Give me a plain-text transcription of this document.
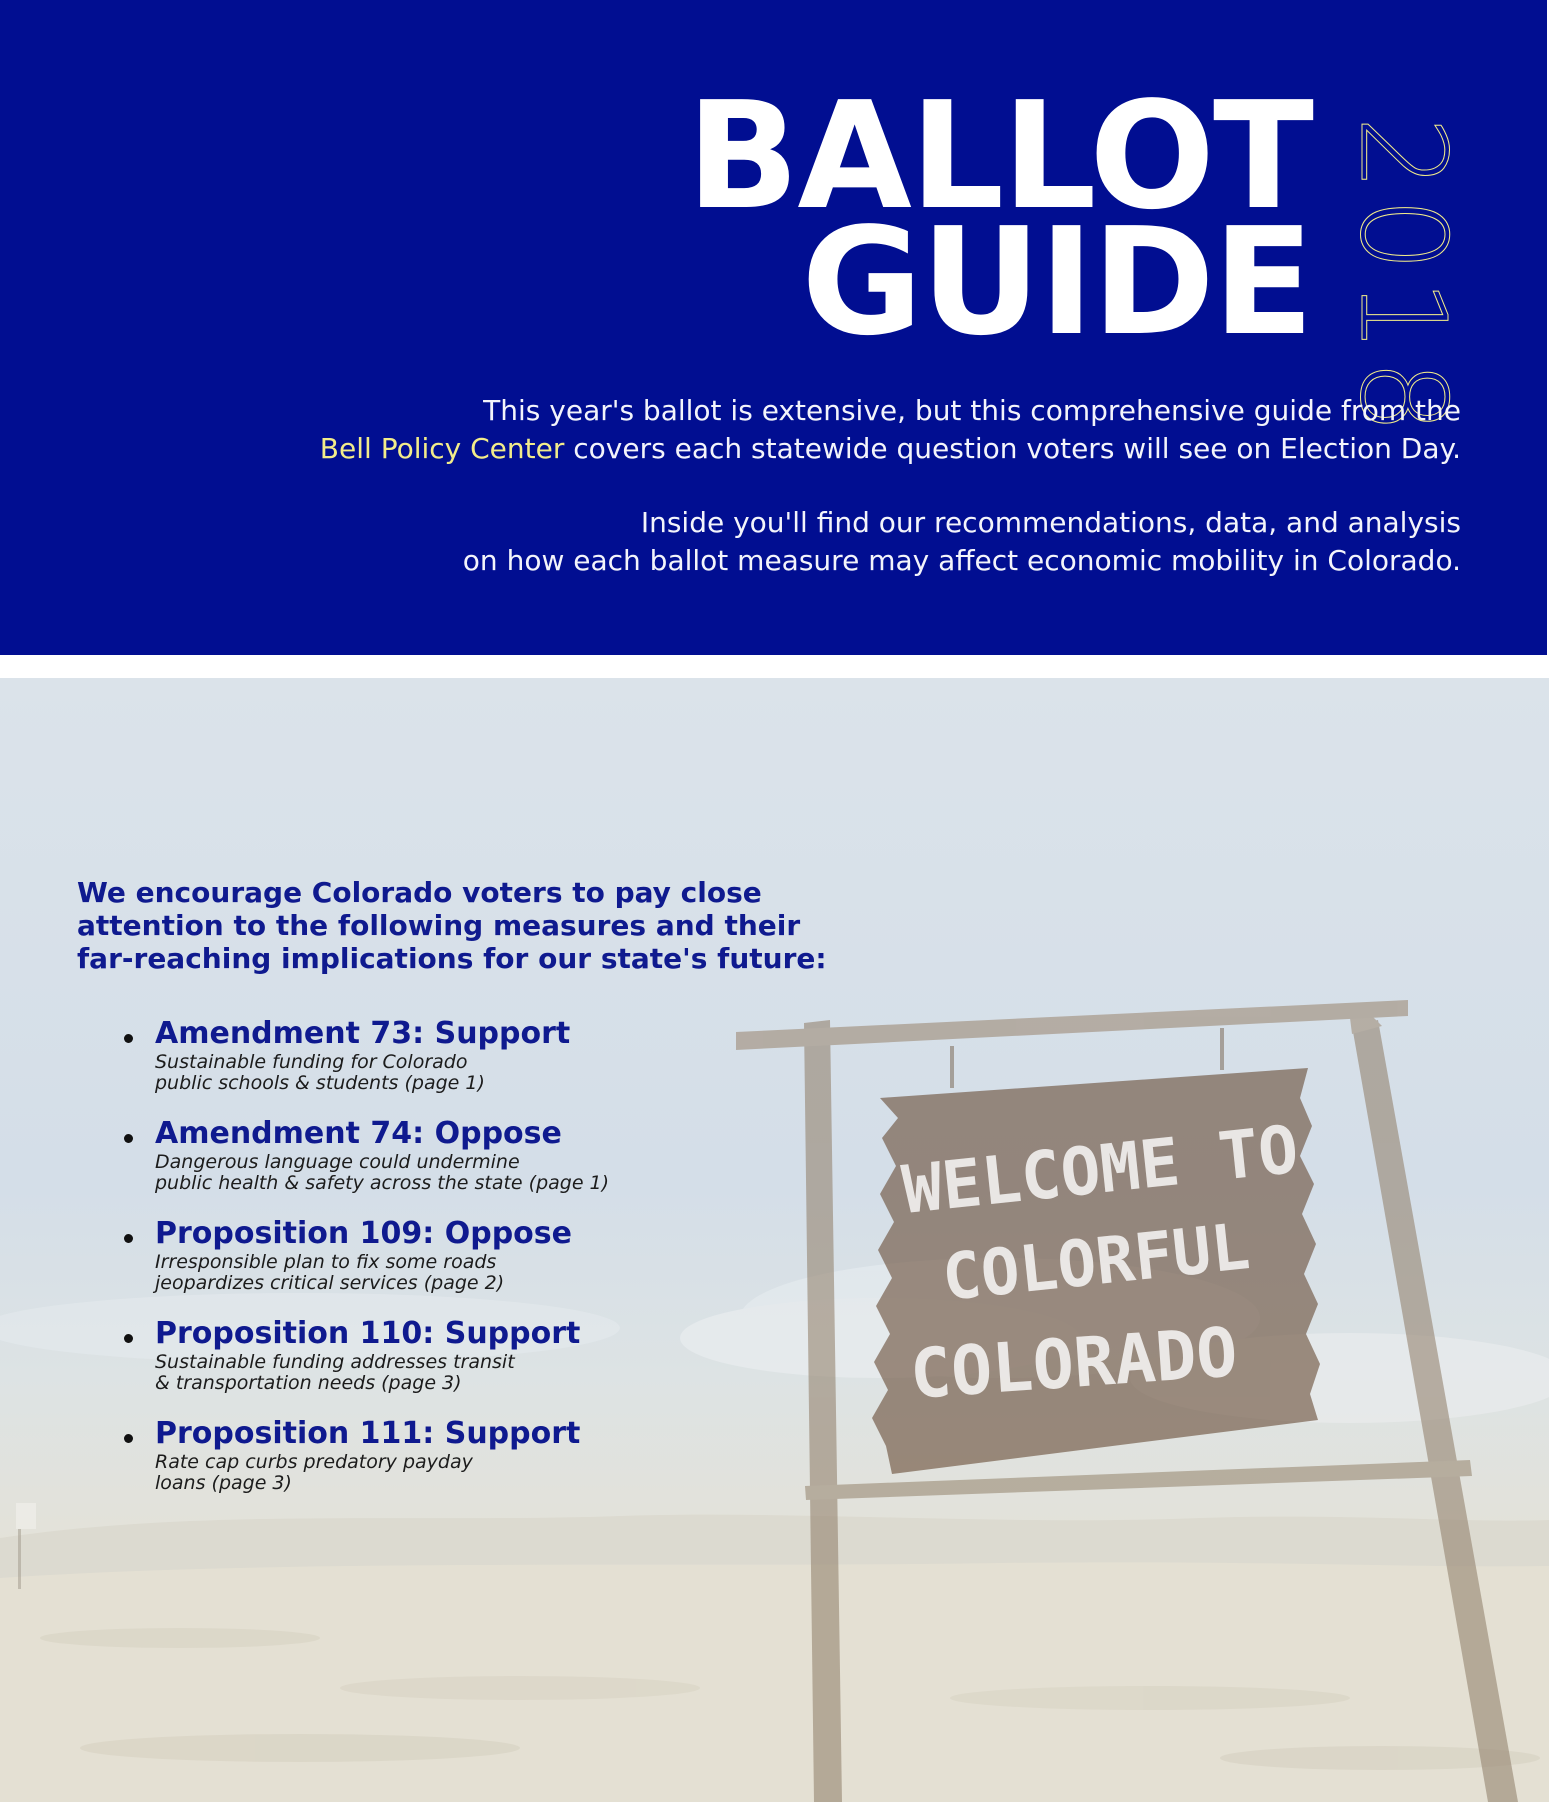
BALLOT
GUIDE 2018
This year's ballot is extensive, but this comprehensive guide from the
Bell Policy Center covers each statewide question voters will see on Election Day.
Inside you'll find our recommendations, data, and analysis
on how each ballot measure may affect economic mobility in Colorado.
WELCOME TO
COLORFUL
COLORADO
We encourage Colorado voters to pay close
attention to the following measures and their
far-reaching implications for our state's future:
Amendment 73: Support
Sustainable funding for Colorado
public schools & students (page 1)
Amendment 74: Oppose
Dangerous language could undermine
public health & safety across the state (page 1)
Proposition 109: Oppose
Irresponsible plan to fix some roads
jeopardizes critical services (page 2)
Proposition 110: Support
Sustainable funding addresses transit
& transportation needs (page 3)
Proposition 111: Support
Rate cap curbs predatory payday
loans (page 3)
